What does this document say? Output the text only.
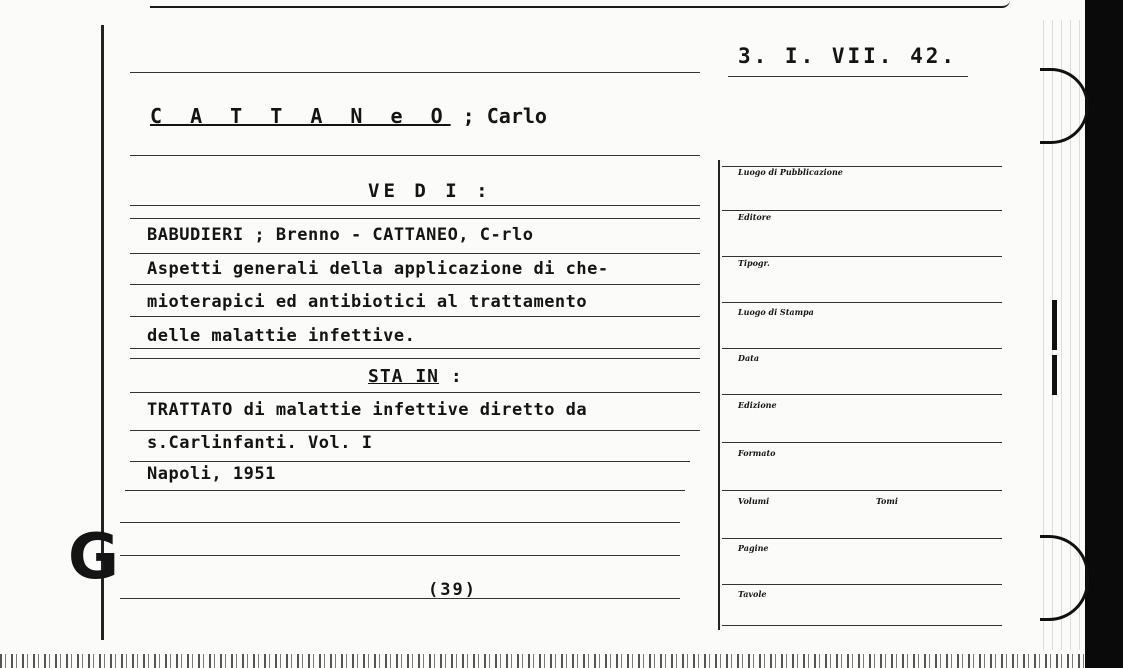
3. I. VII. 42.
C A T T A N e O ; Carlo
VE D I :
BABUDIERI ; Brenno - CATTANEO, C-rlo
Aspetti generali della applicazione di che-
mioterapici ed antibiotici al trattamento
delle malattie infettive.
STA IN :
TRATTATO di malattie infettive diretto da
s.Carlinfanti. Vol. I
Napoli, 1951
(39)
G
Luogo di Pubblicazione
Editore
Tipogr.
Luogo di Stampa
Data
Edizione
Formato
Volumi	Tomi
Pagine
Tavole
